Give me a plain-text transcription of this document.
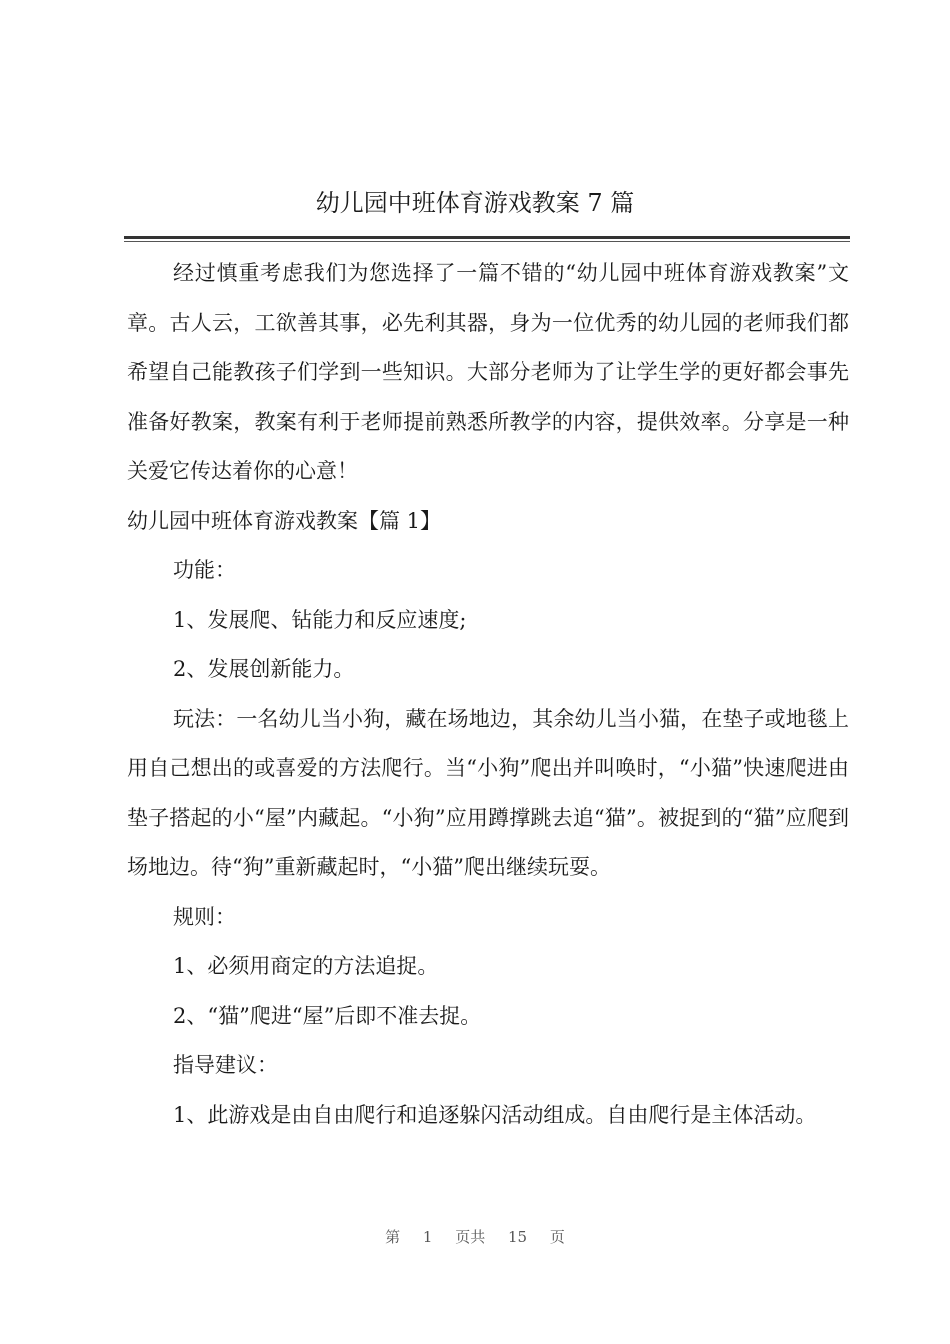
幼儿园中班体育游戏教案 7 篇

经过慎重考虑我们为您选择了一篇不错的“幼儿园中班体育游戏教案”文章。古人云，工欲善其事，必先利其器，身为一位优秀的幼儿园的老师我们都希望自己能教孩子们学到一些知识。大部分老师为了让学生学的更好都会事先准备好教案，教案有利于老师提前熟悉所教学的内容，提供效率。分享是一种关爱它传达着你的心意！

幼儿园中班体育游戏教案【篇 1】

功能：

1、发展爬、钻能力和反应速度;

2、发展创新能力。

玩法：一名幼儿当小狗，藏在场地边，其余幼儿当小猫，在垫子或地毯上用自己想出的或喜爱的方法爬行。当“小狗”爬出并叫唤时，“小猫”快速爬进由垫子搭起的小“屋”内藏起。“小狗”应用蹲撑跳去追“猫”。被捉到的“猫”应爬到场地边。待“狗”重新藏起时，“小猫”爬出继续玩耍。

规则：

1、必须用商定的方法追捉。

2、“猫”爬进“屋”后即不准去捉。

指导建议：

1、此游戏是由自由爬行和追逐躲闪活动组成。自由爬行是主体活动。

第 1 页共 15 页
